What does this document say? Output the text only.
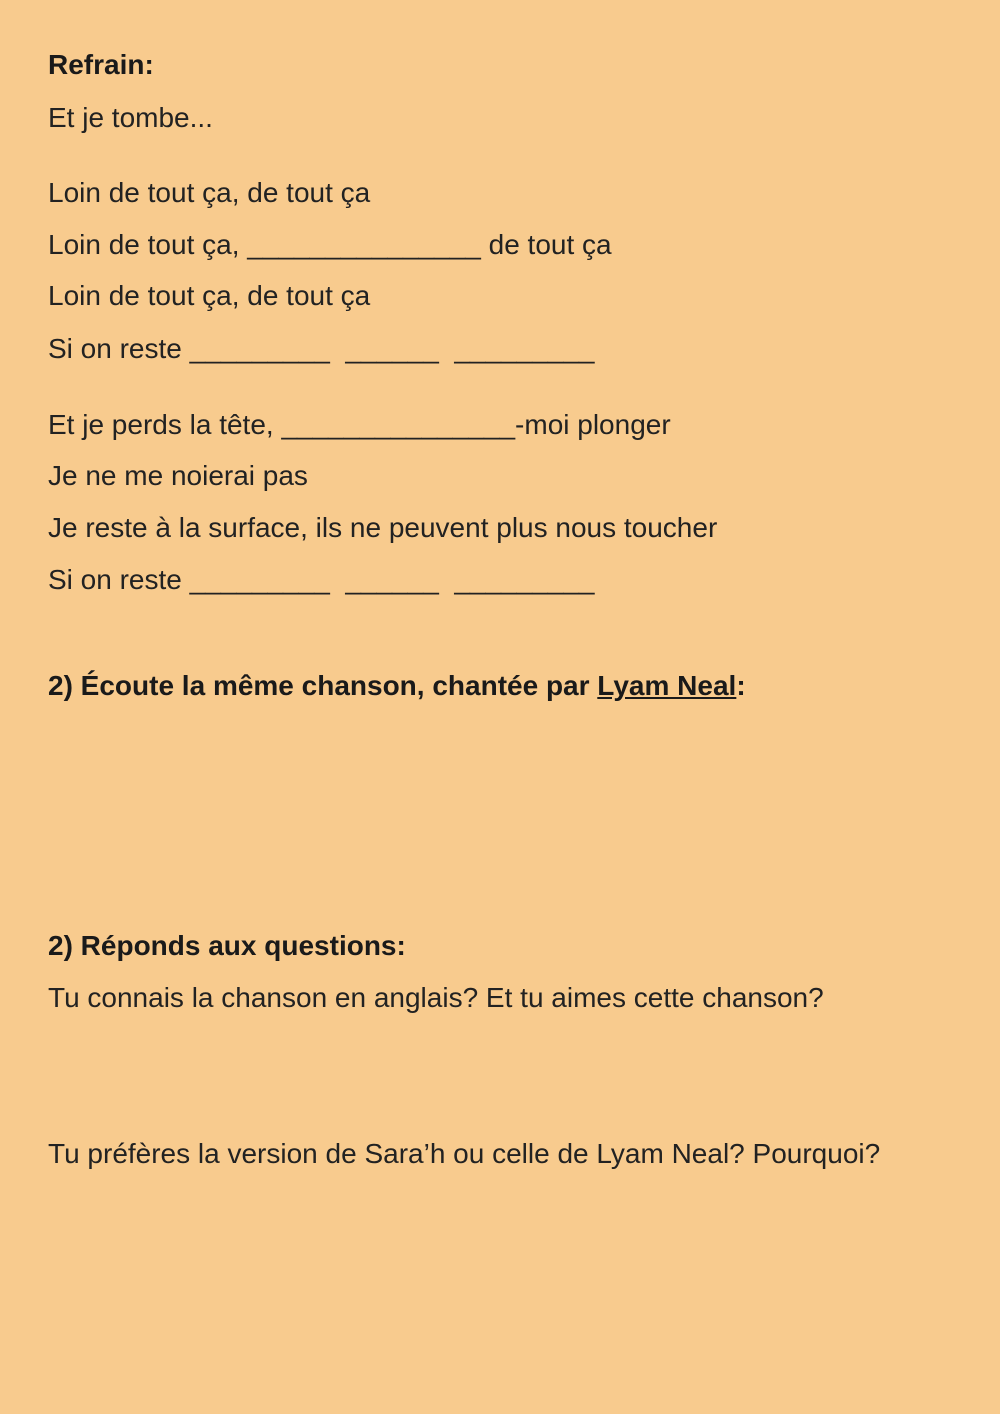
Refrain:
Et je tombe...
Loin de tout ça, de tout ça
Loin de tout ça, _______________ de tout ça
Loin de tout ça, de tout ça
Si on reste _________  ______  _________
Et je perds la tête, _______________-moi plonger
Je ne me noierai pas
Je reste à la surface, ils ne peuvent plus nous toucher
Si on reste _________  ______  _________
2) Écoute la même chanson, chantée par Lyam Neal:
2) Réponds aux questions:
Tu connais la chanson en anglais? Et tu aimes cette chanson?
Tu préfères la version de Sara’h ou celle de Lyam Neal? Pourquoi?
